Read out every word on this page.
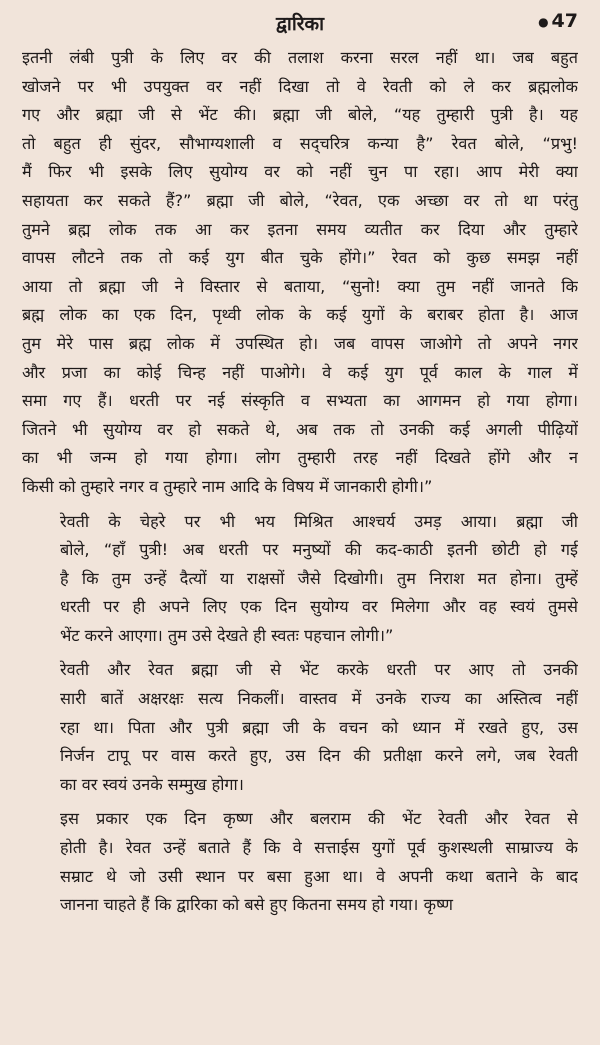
द्वारिका	● 47

इतनी लंबी पुत्री के लिए वर की तलाश करना सरल नहीं था। जब बहुत
खोजने पर भी उपयुक्त वर नहीं दिखा तो वे रेवती को ले कर ब्रह्मलोक
गए और ब्रह्मा जी से भेंट की। ब्रह्मा जी बोले, “यह तुम्हारी पुत्री है। यह
तो बहुत ही सुंदर, सौभाग्यशाली व सद्चरित्र कन्या है” रेवत बोले, “प्रभु!
मैं फिर भी इसके लिए सुयोग्य वर को नहीं चुन पा रहा। आप मेरी क्या
सहायता कर सकते हैं?” ब्रह्मा जी बोले, “रेवत, एक अच्छा वर तो था परंतु
तुमने ब्रह्म लोक तक आ कर इतना समय व्यतीत कर दिया और तुम्हारे
वापस लौटने तक तो कई युग बीत चुके होंगे।” रेवत को कुछ समझ नहीं
आया तो ब्रह्मा जी ने विस्तार से बताया, “सुनो! क्या तुम नहीं जानते कि
ब्रह्म लोक का एक दिन, पृथ्वी लोक के कई युगों के बराबर होता है। आज
तुम मेरे पास ब्रह्म लोक में उपस्थित हो। जब वापस जाओगे तो अपने नगर
और प्रजा का कोई चिन्ह नहीं पाओगे। वे कई युग पूर्व काल के गाल में
समा गए हैं। धरती पर नई संस्कृति व सभ्यता का आगमन हो गया होगा।
जितने भी सुयोग्य वर हो सकते थे, अब तक तो उनकी कई अगली पीढ़ियों
का भी जन्म हो गया होगा। लोग तुम्हारी तरह नहीं दिखते होंगे और न
किसी को तुम्हारे नगर व तुम्हारे नाम आदि के विषय में जानकारी होगी।”

रेवती के चेहरे पर भी भय मिश्रित आश्चर्य उमड़ आया। ब्रह्मा जी
बोले, “हाँ पुत्री! अब धरती पर मनुष्यों की कद-काठी इतनी छोटी हो गई
है कि तुम उन्हें दैत्यों या राक्षसों जैसे दिखोगी। तुम निराश मत होना। तुम्हें
धरती पर ही अपने लिए एक दिन सुयोग्य वर मिलेगा और वह स्वयं तुमसे
भेंट करने आएगा। तुम उसे देखते ही स्वतः पहचान लोगी।”

रेवती और रेवत ब्रह्मा जी से भेंट करके धरती पर आए तो उनकी
सारी बातें अक्षरक्षः सत्य निकलीं। वास्तव में उनके राज्य का अस्तित्व नहीं
रहा था। पिता और पुत्री ब्रह्मा जी के वचन को ध्यान में रखते हुए, उस
निर्जन टापू पर वास करते हुए, उस दिन की प्रतीक्षा करने लगे, जब रेवती
का वर स्वयं उनके सम्मुख होगा।

इस प्रकार एक दिन कृष्ण और बलराम की भेंट रेवती और रेवत से
होती है। रेवत उन्हें बताते हैं कि वे सत्ताईस युगों पूर्व कुशस्थली साम्राज्य के
सम्राट थे जो उसी स्थान पर बसा हुआ था। वे अपनी कथा बताने के बाद
जानना चाहते हैं कि द्वारिका को बसे हुए कितना समय हो गया। कृष्ण
